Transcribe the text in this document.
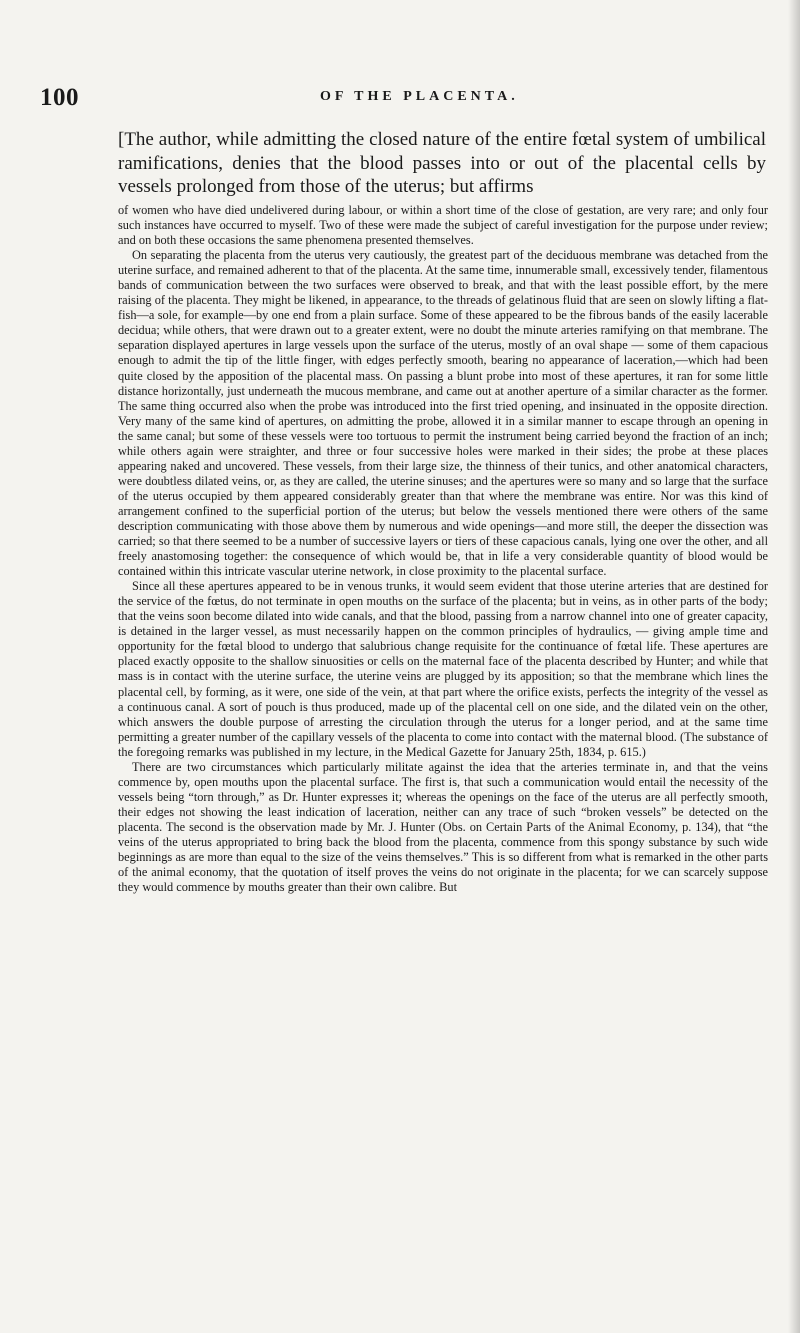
100	OF THE PLACENTA.

[The author, while admitting the closed nature of the entire fœtal system of umbilical ramifications, denies that the blood passes into or out of the placental cells by vessels prolonged from those of the uterus; but affirms

of women who have died undelivered during labour, or within a short time of the close of gestation, are very rare; and only four such instances have occurred to myself. Two of these were made the subject of careful investigation for the purpose under review; and on both these occasions the same phenomena presented themselves.

On separating the placenta from the uterus very cautiously, the greatest part of the deciduous membrane was detached from the uterine surface, and remained adherent to that of the placenta. At the same time, innumerable small, excessively tender, filamentous bands of communication between the two surfaces were observed to break, and that with the least possible effort, by the mere raising of the placenta. They might be likened, in appearance, to the threads of gelatinous fluid that are seen on slowly lifting a flat-fish—a sole, for example—by one end from a plain surface. Some of these appeared to be the fibrous bands of the easily lacerable decidua; while others, that were drawn out to a greater extent, were no doubt the minute arteries ramifying on that membrane. The separation displayed apertures in large vessels upon the surface of the uterus, mostly of an oval shape — some of them capacious enough to admit the tip of the little finger, with edges perfectly smooth, bearing no appearance of laceration,—which had been quite closed by the apposition of the placental mass. On passing a blunt probe into most of these apertures, it ran for some little distance horizontally, just underneath the mucous membrane, and came out at another aperture of a similar character as the former. The same thing occurred also when the probe was introduced into the first tried opening, and insinuated in the opposite direction. Very many of the same kind of apertures, on admitting the probe, allowed it in a similar manner to escape through an opening in the same canal; but some of these vessels were too tortuous to permit the instrument being carried beyond the fraction of an inch; while others again were straighter, and three or four successive holes were marked in their sides; the probe at these places appearing naked and uncovered. These vessels, from their large size, the thinness of their tunics, and other anatomical characters, were doubtless dilated veins, or, as they are called, the uterine sinuses; and the apertures were so many and so large that the surface of the uterus occupied by them appeared considerably greater than that where the membrane was entire. Nor was this kind of arrangement confined to the superficial portion of the uterus; but below the vessels mentioned there were others of the same description communicating with those above them by numerous and wide openings—and more still, the deeper the dissection was carried; so that there seemed to be a number of successive layers or tiers of these capacious canals, lying one over the other, and all freely anastomosing together: the consequence of which would be, that in life a very considerable quantity of blood would be contained within this intricate vascular uterine network, in close proximity to the placental surface.

Since all these apertures appeared to be in venous trunks, it would seem evident that those uterine arteries that are destined for the service of the fœtus, do not terminate in open mouths on the surface of the placenta; but in veins, as in other parts of the body; that the veins soon become dilated into wide canals, and that the blood, passing from a narrow channel into one of greater capacity, is detained in the larger vessel, as must necessarily happen on the common principles of hydraulics, — giving ample time and opportunity for the fœtal blood to undergo that salubrious change requisite for the continuance of fœtal life. These apertures are placed exactly opposite to the shallow sinuosities or cells on the maternal face of the placenta described by Hunter; and while that mass is in contact with the uterine surface, the uterine veins are plugged by its apposition; so that the membrane which lines the placental cell, by forming, as it were, one side of the vein, at that part where the orifice exists, perfects the integrity of the vessel as a continuous canal. A sort of pouch is thus produced, made up of the placental cell on one side, and the dilated vein on the other, which answers the double purpose of arresting the circulation through the uterus for a longer period, and at the same time permitting a greater number of the capillary vessels of the placenta to come into contact with the maternal blood. (The substance of the foregoing remarks was published in my lecture, in the Medical Gazette for January 25th, 1834, p. 615.)

There are two circumstances which particularly militate against the idea that the arteries terminate in, and that the veins commence by, open mouths upon the placental surface. The first is, that such a communication would entail the necessity of the vessels being “torn through,” as Dr. Hunter expresses it; whereas the openings on the face of the uterus are all perfectly smooth, their edges not showing the least indication of laceration, neither can any trace of such “broken vessels” be detected on the placenta. The second is the observation made by Mr. J. Hunter (Obs. on Certain Parts of the Animal Economy, p. 134), that “the veins of the uterus appropriated to bring back the blood from the placenta, commence from this spongy substance by such wide beginnings as are more than equal to the size of the veins themselves.” This is so different from what is remarked in the other parts of the animal economy, that the quotation of itself proves the veins do not originate in the placenta; for we can scarcely suppose they would commence by mouths greater than their own calibre. But
